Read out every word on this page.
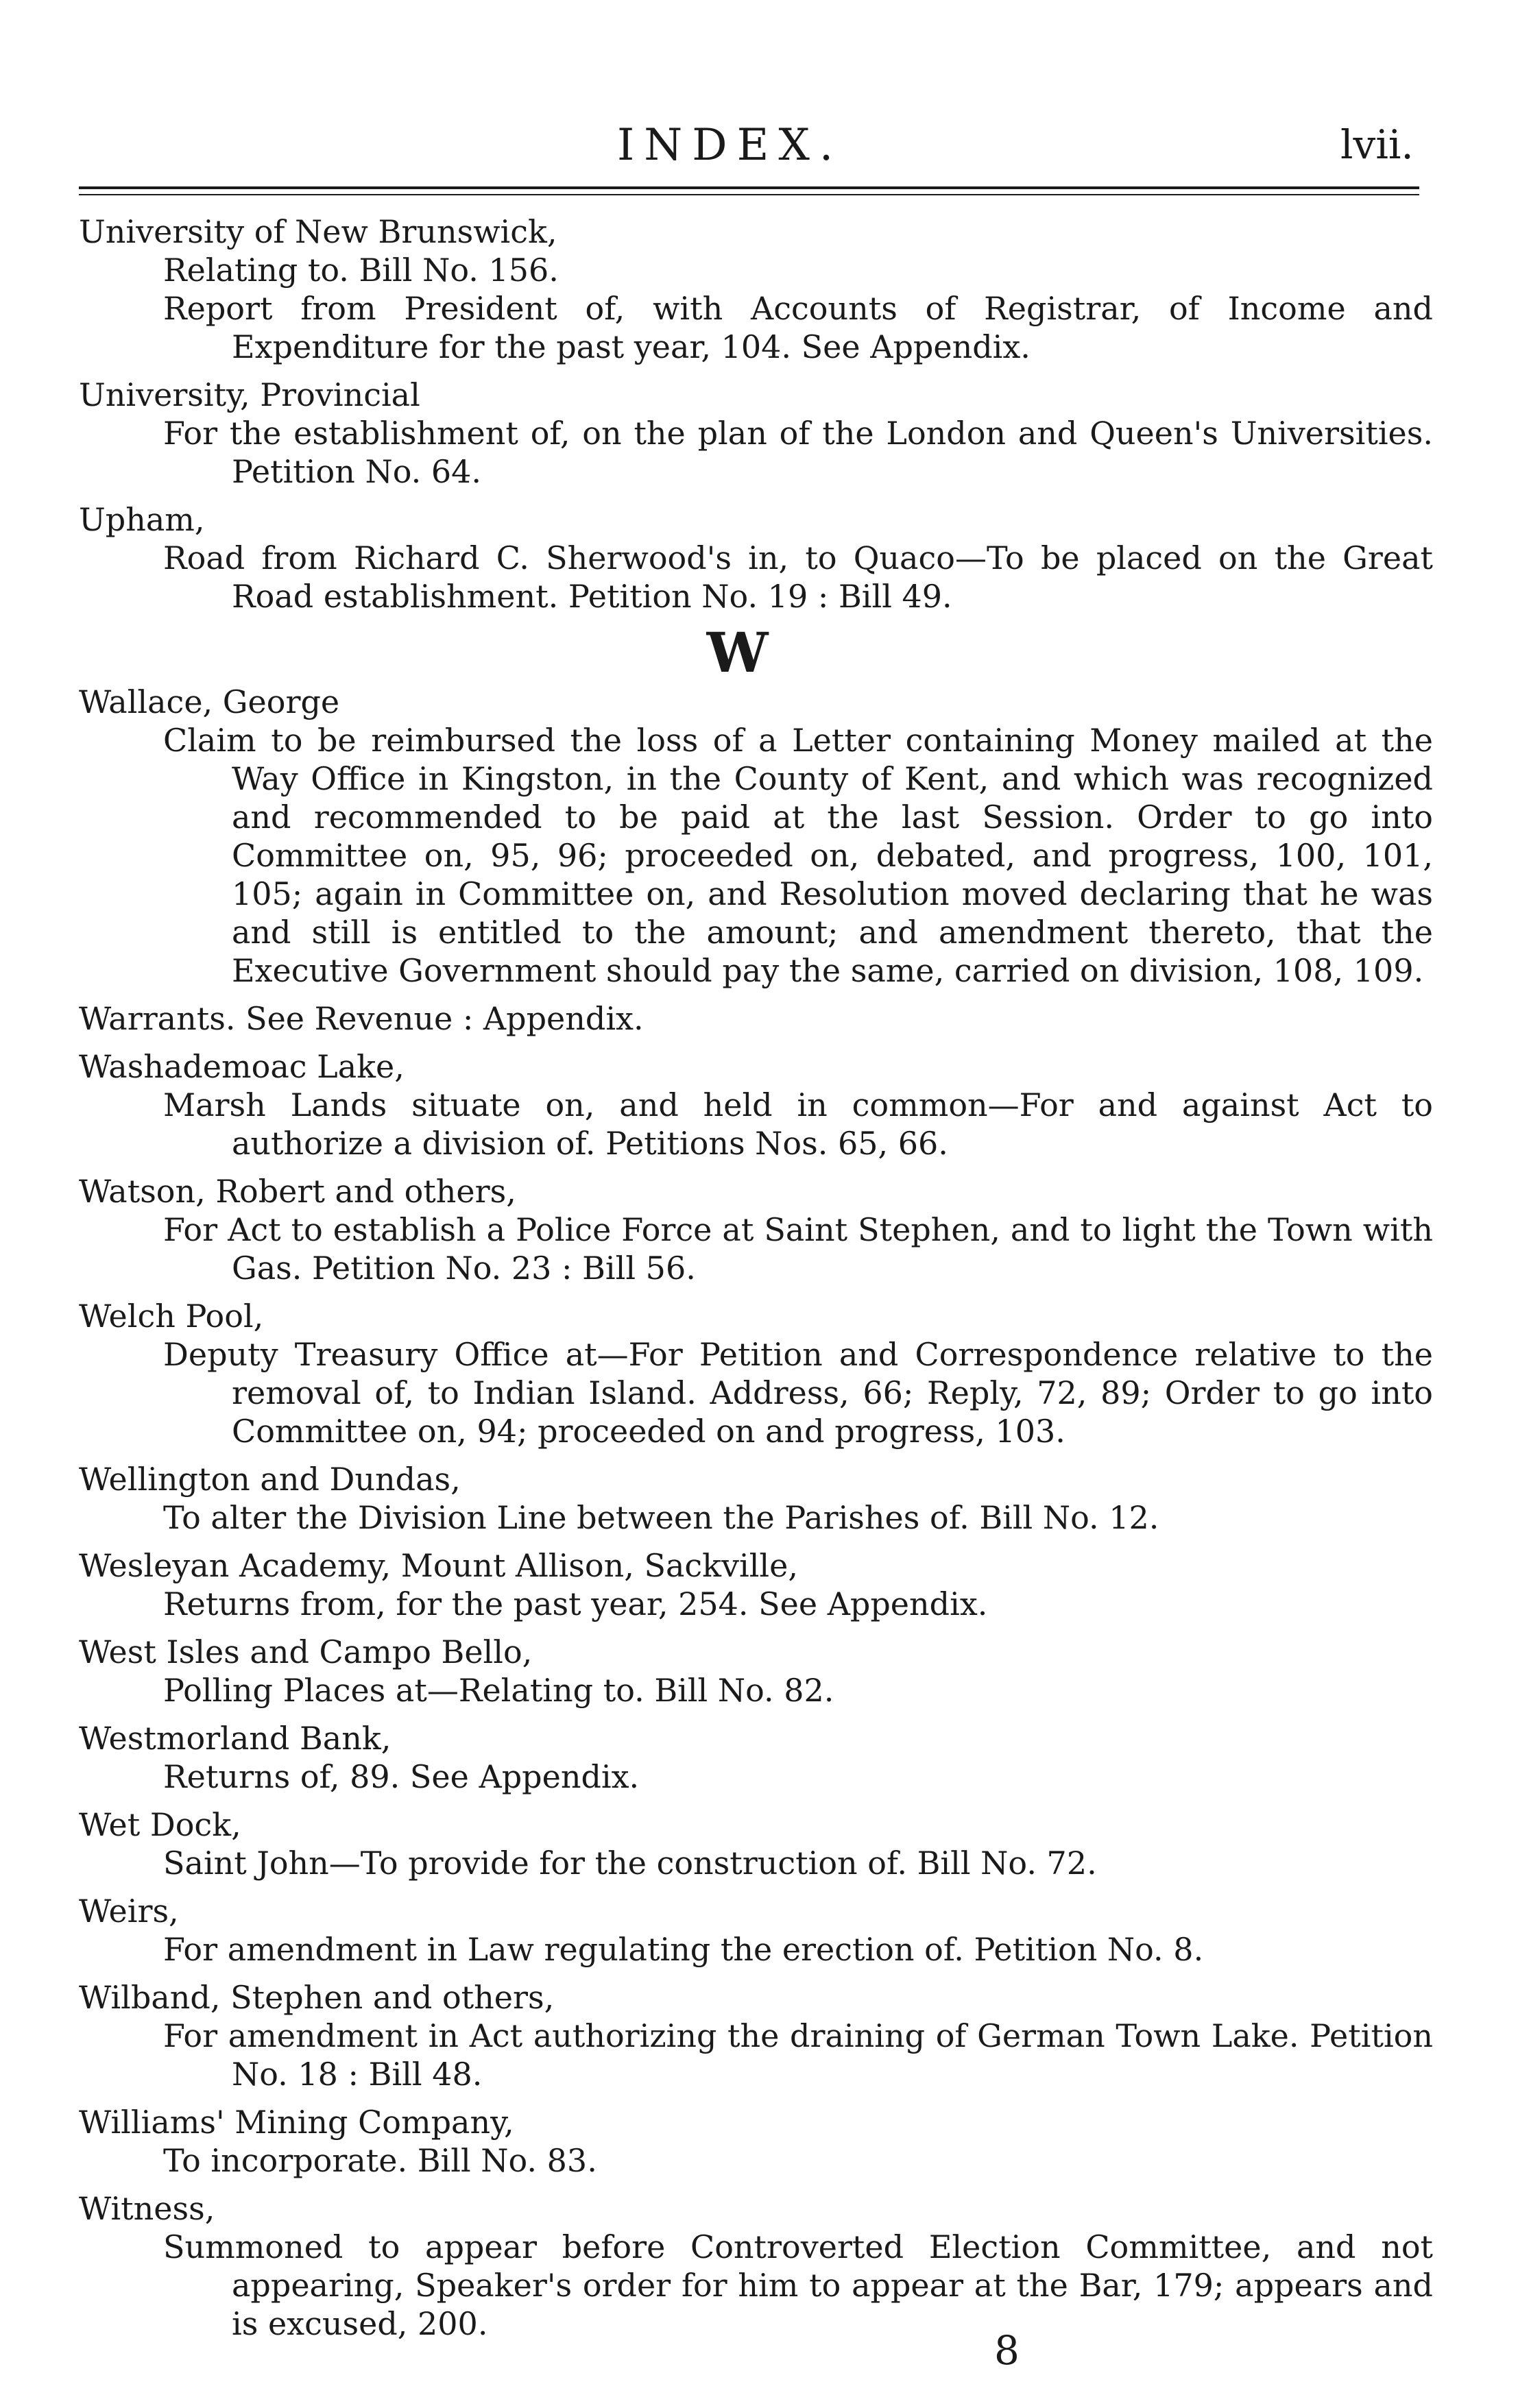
INDEX.	lvii.
University of New Brunswick,
Relating to. Bill No. 156.
Report from President of, with Accounts of Registrar, of Income and Expenditure for the past year, 104. See Appendix.
University, Provincial
For the establishment of, on the plan of the London and Queen's Universities. Petition No. 64.
Upham,
Road from Richard C. Sherwood's in, to Quaco—To be placed on the Great Road establishment. Petition No. 19 : Bill 49.
W
Wallace, George
Claim to be reimbursed the loss of a Letter containing Money mailed at the Way Office in Kingston, in the County of Kent, and which was recognized and recommended to be paid at the last Session. Order to go into Committee on, 95, 96; proceeded on, debated, and progress, 100, 101, 105; again in Committee on, and Resolution moved declaring that he was and still is entitled to the amount; and amendment thereto, that the Executive Government should pay the same, carried on division, 108, 109.
Warrants. See Revenue : Appendix.
Washademoac Lake,
Marsh Lands situate on, and held in common—For and against Act to authorize a division of. Petitions Nos. 65, 66.
Watson, Robert and others,
For Act to establish a Police Force at Saint Stephen, and to light the Town with Gas. Petition No. 23 : Bill 56.
Welch Pool,
Deputy Treasury Office at—For Petition and Correspondence relative to the removal of, to Indian Island. Address, 66; Reply, 72, 89; Order to go into Committee on, 94; proceeded on and progress, 103.
Wellington and Dundas,
To alter the Division Line between the Parishes of. Bill No. 12.
Wesleyan Academy, Mount Allison, Sackville,
Returns from, for the past year, 254. See Appendix.
West Isles and Campo Bello,
Polling Places at—Relating to. Bill No. 82.
Westmorland Bank,
Returns of, 89. See Appendix.
Wet Dock,
Saint John—To provide for the construction of. Bill No. 72.
Weirs,
For amendment in Law regulating the erection of. Petition No. 8.
Wilband, Stephen and others,
For amendment in Act authorizing the draining of German Town Lake. Petition No. 18 : Bill 48.
Williams' Mining Company,
To incorporate. Bill No. 83.
Witness,
Summoned to appear before Controverted Election Committee, and not appearing, Speaker's order for him to appear at the Bar, 179; appears and is excused, 200.
8
